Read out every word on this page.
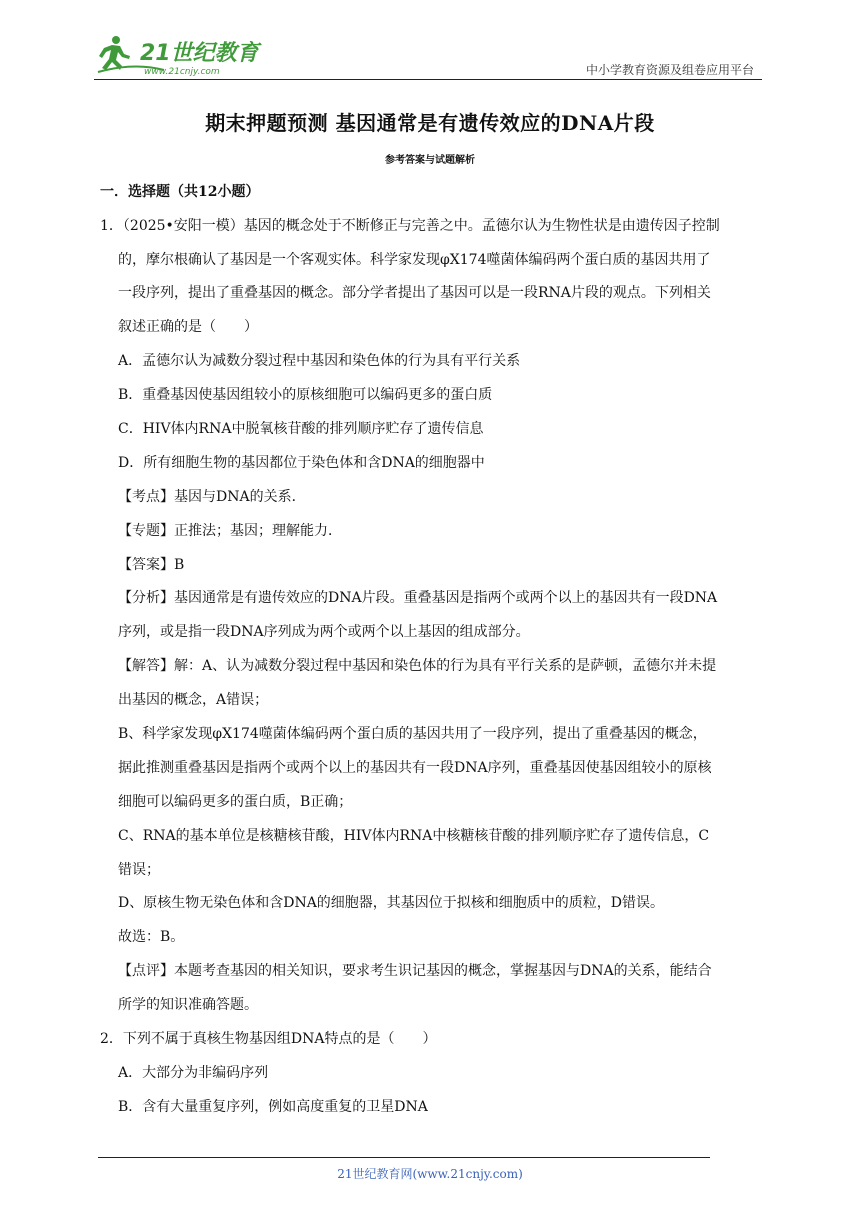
21世纪教育
www.21cnjy.com	中小学教育资源及组卷应用平台
期末押题预测 基因通常是有遗传效应的DNA片段
参考答案与试题解析
一．选择题（共12小题）
1．（2025•安阳一模）基因的概念处于不断修正与完善之中。孟德尔认为生物性状是由遗传因子控制
的，摩尔根确认了基因是一个客观实体。科学家发现φX174噬菌体编码两个蛋白质的基因共用了
一段序列，提出了重叠基因的概念。部分学者提出了基因可以是一段RNA片段的观点。下列相关
叙述正确的是（　　）
A．孟德尔认为减数分裂过程中基因和染色体的行为具有平行关系
B．重叠基因使基因组较小的原核细胞可以编码更多的蛋白质
C．HIV体内RNA中脱氧核苷酸的排列顺序贮存了遗传信息
D．所有细胞生物的基因都位于染色体和含DNA的细胞器中
【考点】基因与DNA的关系．
【专题】正推法；基因；理解能力．
【答案】B
【分析】基因通常是有遗传效应的DNA片段。重叠基因是指两个或两个以上的基因共有一段DNA
序列，或是指一段DNA序列成为两个或两个以上基因的组成部分。
【解答】解：A、认为减数分裂过程中基因和染色体的行为具有平行关系的是萨顿，孟德尔并未提
出基因的概念，A错误；
B、科学家发现φX174噬菌体编码两个蛋白质的基因共用了一段序列，提出了重叠基因的概念，
据此推测重叠基因是指两个或两个以上的基因共有一段DNA序列，重叠基因使基因组较小的原核
细胞可以编码更多的蛋白质，B正确；
C、RNA的基本单位是核糖核苷酸，HIV体内RNA中核糖核苷酸的排列顺序贮存了遗传信息，C
错误；
D、原核生物无染色体和含DNA的细胞器，其基因位于拟核和细胞质中的质粒，D错误。
故选：B。
【点评】本题考查基因的相关知识，要求考生识记基因的概念，掌握基因与DNA的关系，能结合
所学的知识准确答题。
2．下列不属于真核生物基因组DNA特点的是（　　）
A．大部分为非编码序列
B．含有大量重复序列，例如高度重复的卫星DNA
21世纪教育网(www.21cnjy.com)
